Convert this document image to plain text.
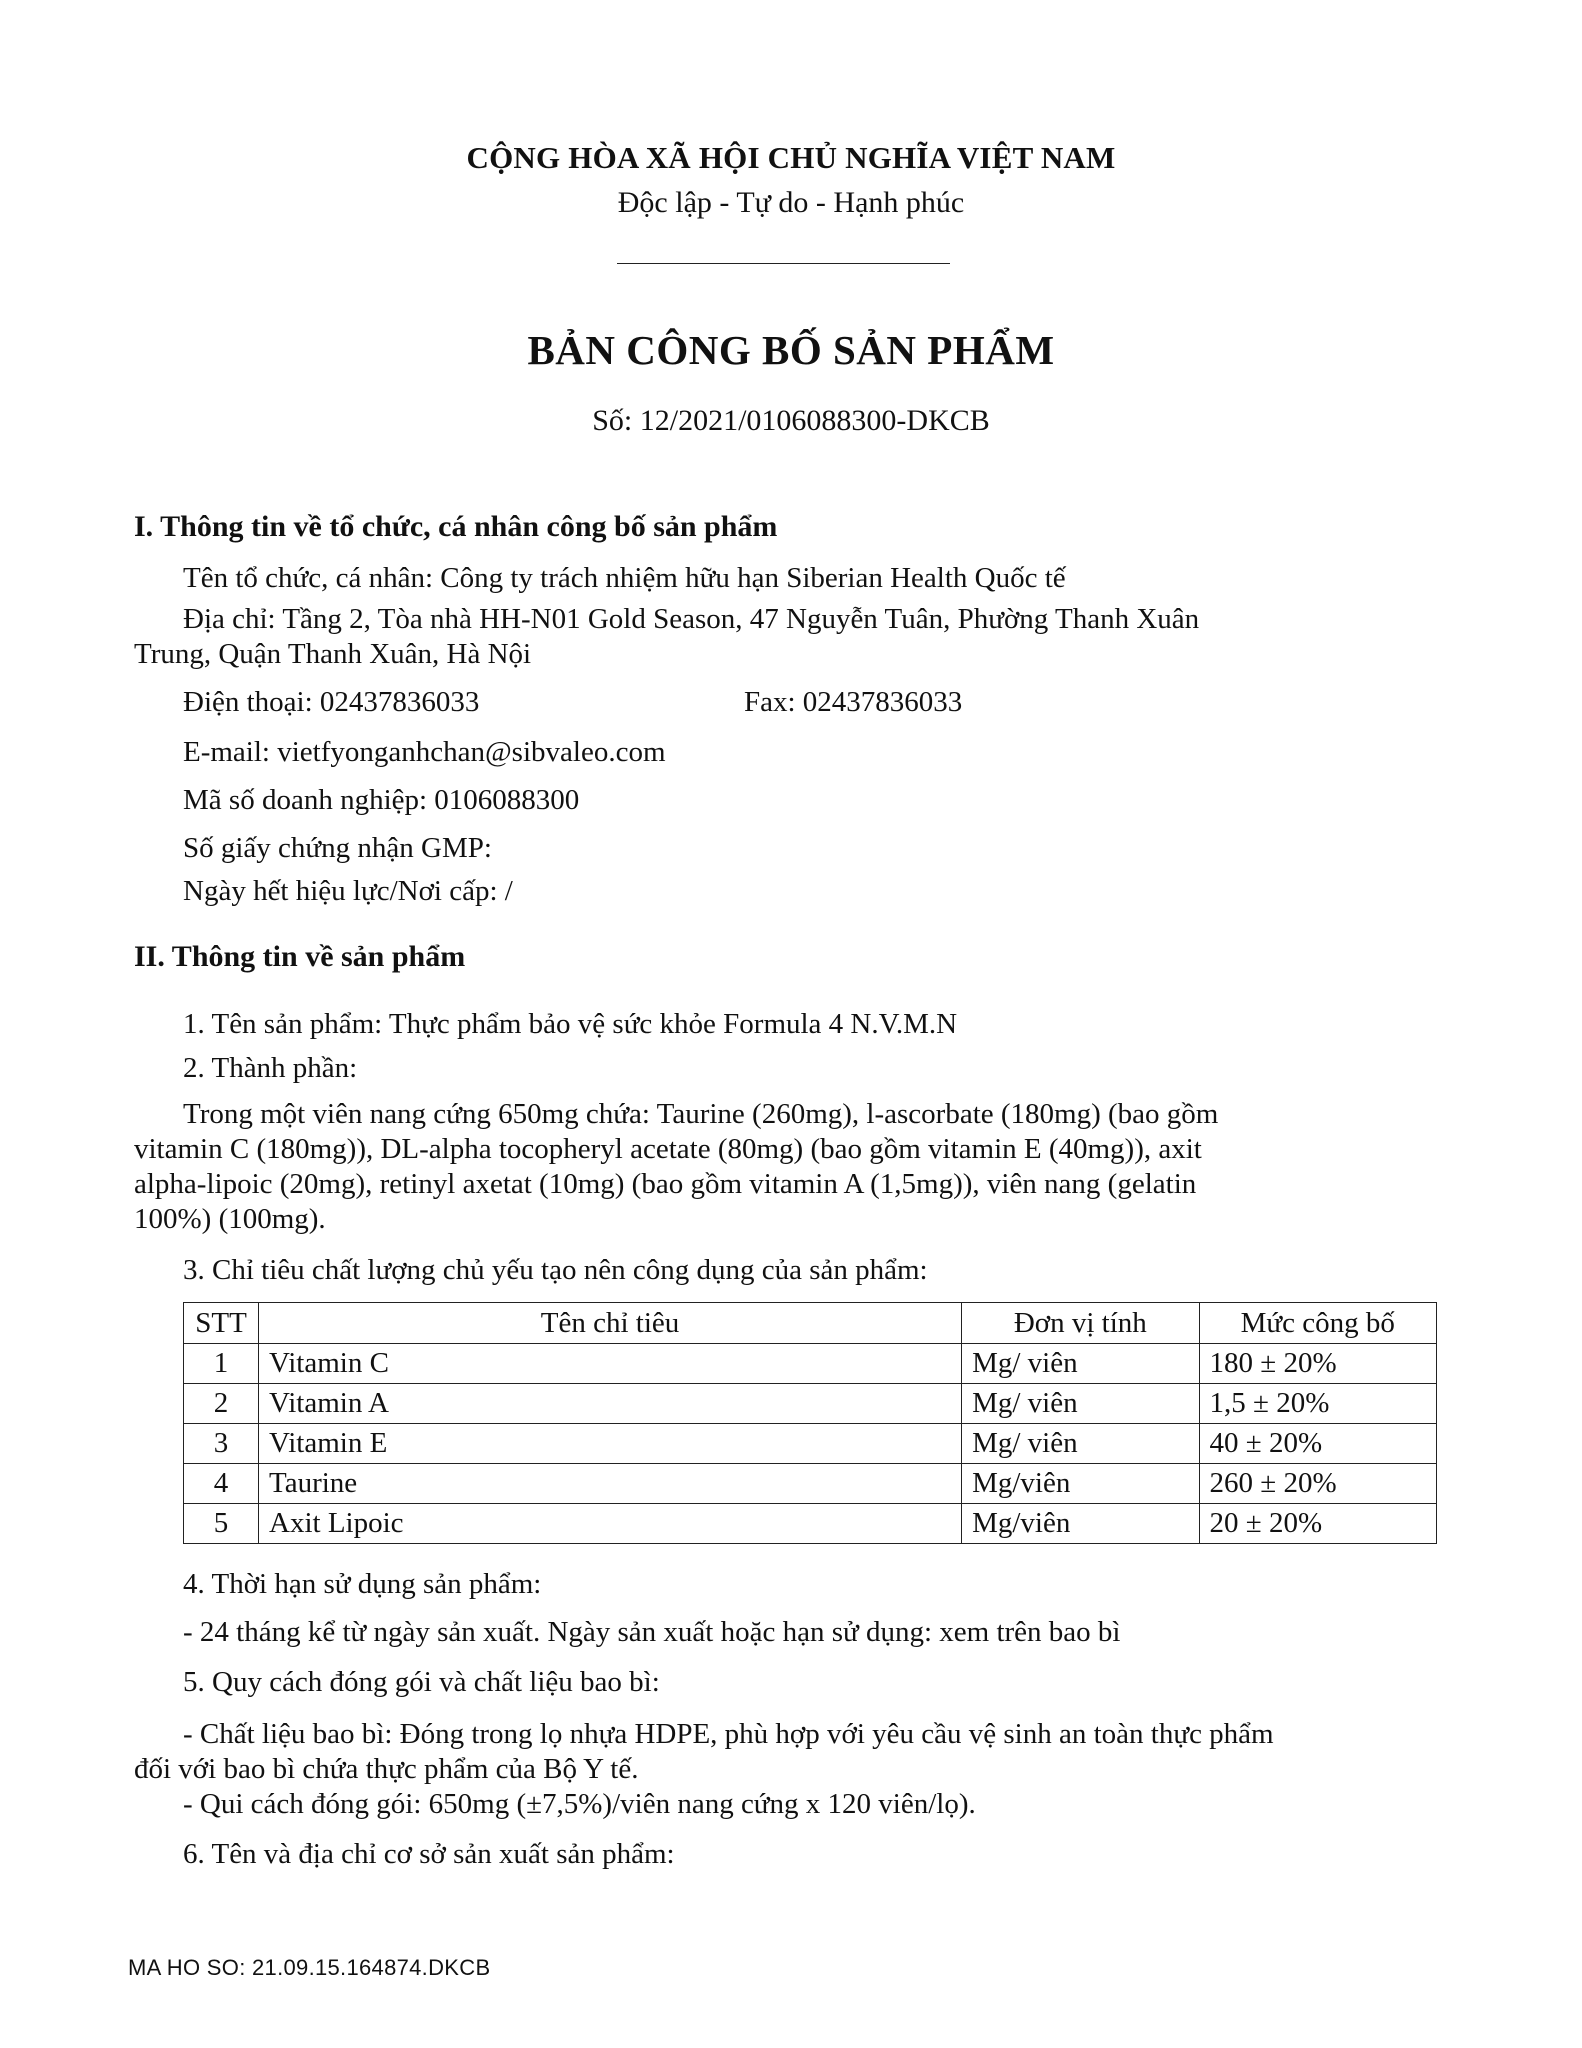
CỘNG HÒA XÃ HỘI CHỦ NGHĨA VIỆT NAM
Độc lập - Tự do - Hạnh phúc
BẢN CÔNG BỐ SẢN PHẨM
Số: 12/2021/0106088300-DKCB
I. Thông tin về tổ chức, cá nhân công bố sản phẩm
Tên tổ chức, cá nhân: Công ty trách nhiệm hữu hạn Siberian Health Quốc tế
Địa chỉ: Tầng 2, Tòa nhà HH-N01 Gold Season, 47 Nguyễn Tuân, Phường Thanh Xuân
Trung, Quận Thanh Xuân, Hà Nội
Điện thoại: 02437836033	Fax: 02437836033
E-mail: vietfyonganhchan@sibvaleo.com
Mã số doanh nghiệp: 0106088300
Số giấy chứng nhận GMP:
Ngày hết hiệu lực/Nơi cấp: /
II. Thông tin về sản phẩm
1. Tên sản phẩm: Thực phẩm bảo vệ sức khỏe Formula 4 N.V.M.N
2. Thành phần:
Trong một viên nang cứng 650mg chứa: Taurine (260mg), l-ascorbate (180mg) (bao gồm
vitamin C (180mg)), DL-alpha tocopheryl acetate (80mg) (bao gồm vitamin E (40mg)), axit
alpha-lipoic (20mg), retinyl axetat (10mg) (bao gồm vitamin A (1,5mg)), viên nang (gelatin
100%) (100mg).
3. Chỉ tiêu chất lượng chủ yếu tạo nên công dụng của sản phẩm:
STT	Tên chỉ tiêu	Đơn vị tính	Mức công bố
1	Vitamin C	Mg/ viên	180 ± 20%
2	Vitamin A	Mg/ viên	1,5 ± 20%
3	Vitamin E	Mg/ viên	40 ± 20%
4	Taurine	Mg/viên	260 ± 20%
5	Axit Lipoic	Mg/viên	20 ± 20%
4. Thời hạn sử dụng sản phẩm:
- 24 tháng kể từ ngày sản xuất. Ngày sản xuất hoặc hạn sử dụng: xem trên bao bì
5. Quy cách đóng gói và chất liệu bao bì:
- Chất liệu bao bì: Đóng trong lọ nhựa HDPE, phù hợp với yêu cầu vệ sinh an toàn thực phẩm
đối với bao bì chứa thực phẩm của Bộ Y tế.
- Qui cách đóng gói: 650mg (±7,5%)/viên nang cứng x 120 viên/lọ).
6. Tên và địa chỉ cơ sở sản xuất sản phẩm:
MA HO SO: 21.09.15.164874.DKCB
